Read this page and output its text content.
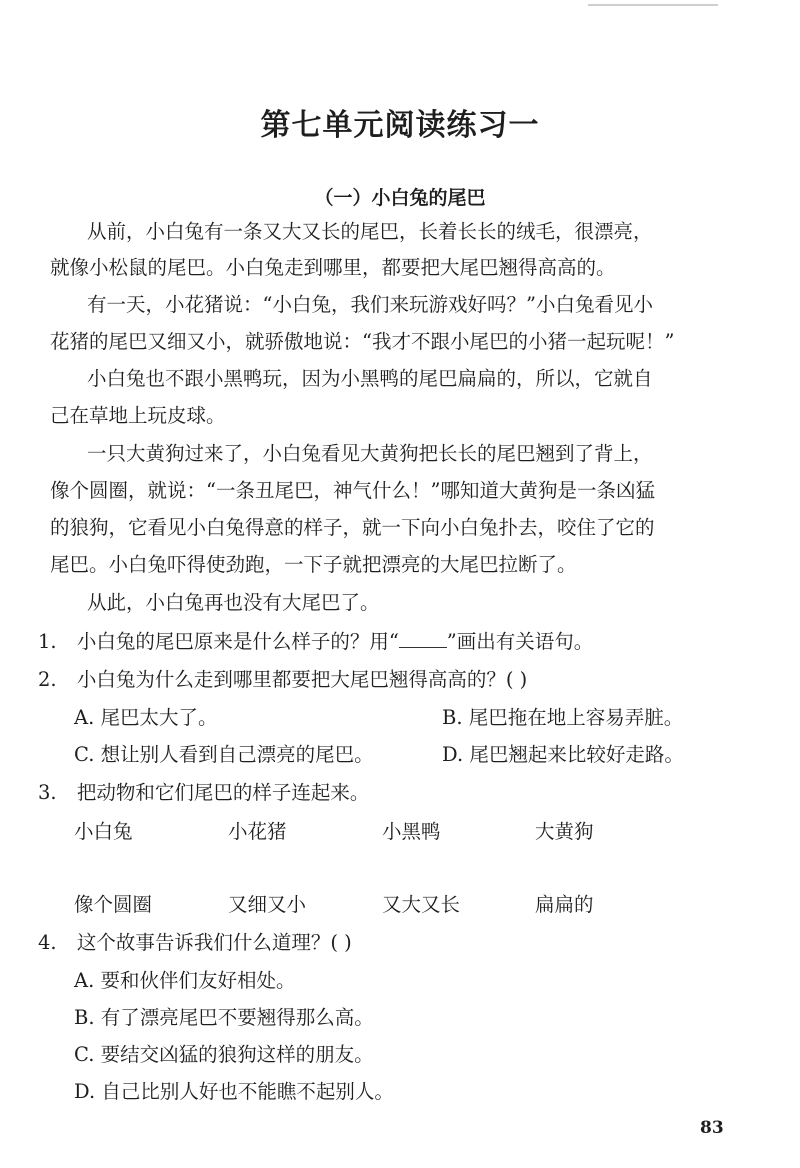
第七单元阅读练习一
（一）小白兔的尾巴

从前，小白兔有一条又大又长的尾巴，长着长长的绒毛，很漂亮，

就像小松鼠的尾巴。小白兔走到哪里，都要把大尾巴翘得高高的。

有一天，小花猪说：“小白兔，我们来玩游戏好吗？”小白兔看见小

花猪的尾巴又细又小，就骄傲地说：“我才不跟小尾巴的小猪一起玩呢！”

小白兔也不跟小黑鸭玩，因为小黑鸭的尾巴扁扁的，所以，它就自

己在草地上玩皮球。

一只大黄狗过来了，小白兔看见大黄狗把长长的尾巴翘到了背上，

像个圆圈，就说：“一条丑尾巴，神气什么！”哪知道大黄狗是一条凶猛

的狼狗，它看见小白兔得意的样子，就一下向小白兔扑去，咬住了它的

尾巴。小白兔吓得使劲跑，一下子就把漂亮的大尾巴拉断了。

从此，小白兔再也没有大尾巴了。

1. 小白兔的尾巴原来是什么样子的？用“ ”画出有关语句。

2. 小白兔为什么走到哪里都要把大尾巴翘得高高的？( )

A. 尾巴太大了。	B. 尾巴拖在地上容易弄脏。

C. 想让别人看到自己漂亮的尾巴。	D. 尾巴翘起来比较好走路。

3. 把动物和它们尾巴的样子连起来。

小白兔	小花猪	小黑鸭	大黄狗
像个圆圈	又细又小	又大又长	扁扁的

4. 这个故事告诉我们什么道理？( )

A. 要和伙伴们友好相处。

B. 有了漂亮尾巴不要翘得那么高。

C. 要结交凶猛的狼狗这样的朋友。

D. 自己比别人好也不能瞧不起别人。

83
